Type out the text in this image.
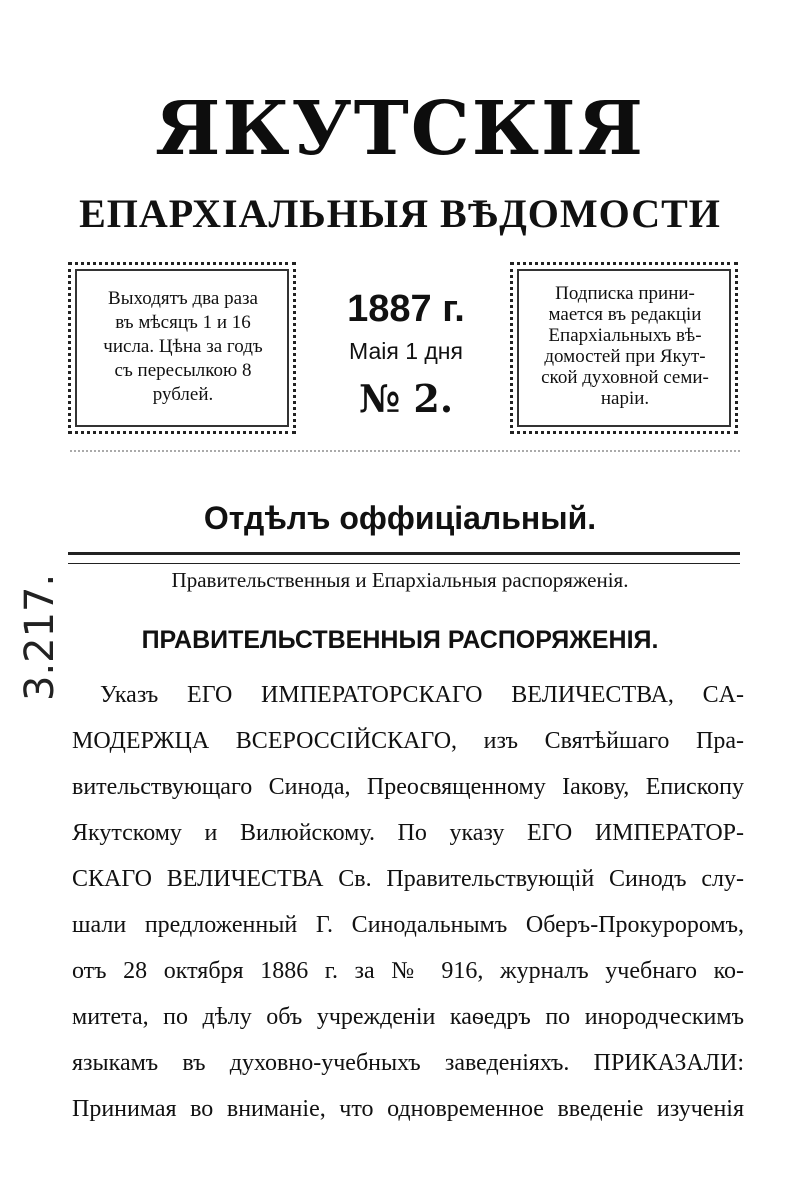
ЯКУТСКІЯ
ЕПАРХІАЛЬНЫЯ ВѢДОМОСТИ
Выходятъ два раза
въ мѣсяцъ 1 и 16
числа. Цѣна за годъ
съ пересылкою 8
рублей.
1887 г.
Маія 1 дня
№ 2.
Подписка прини-
мается въ редакціи
Епархіальныхъ вѣ-
домостей при Якут-
ской духовной семи-
наріи.
Отдѣлъ оффиціальный.
Правительственныя и Епархіальныя распоряженія.
ПРАВИТЕЛЬСТВЕННЫЯ РАСПОРЯЖЕНІЯ.
Указъ ЕГО ИМПЕРАТОРСКАГО ВЕЛИЧЕСТВА, CA-
МОДЕРЖЦА ВСЕРОССІЙСКАГО, изъ Святѣйшаго Пра-
вительствующаго Синода, Преосвященному Іакову, Епископу
Якутскому и Вилюйскому. По указу ЕГО ИМПЕРАТОР-
СКАГО ВЕЛИЧЕСТВА Св. Правительствующій Синодъ слу-
шали предложенный Г. Синодальнымъ Оберъ-Прокуроромъ,
отъ 28 октября 1886 г. за № 916, журналъ учебнаго ко-
митета, по дѣлу объ учрежденіи каѳедръ по инородческимъ
языкамъ въ духовно-учебныхъ заведеніяхъ. ПРИКАЗАЛИ:
Принимая во вниманіе, что одновременное введеніе изученія
3.217.
